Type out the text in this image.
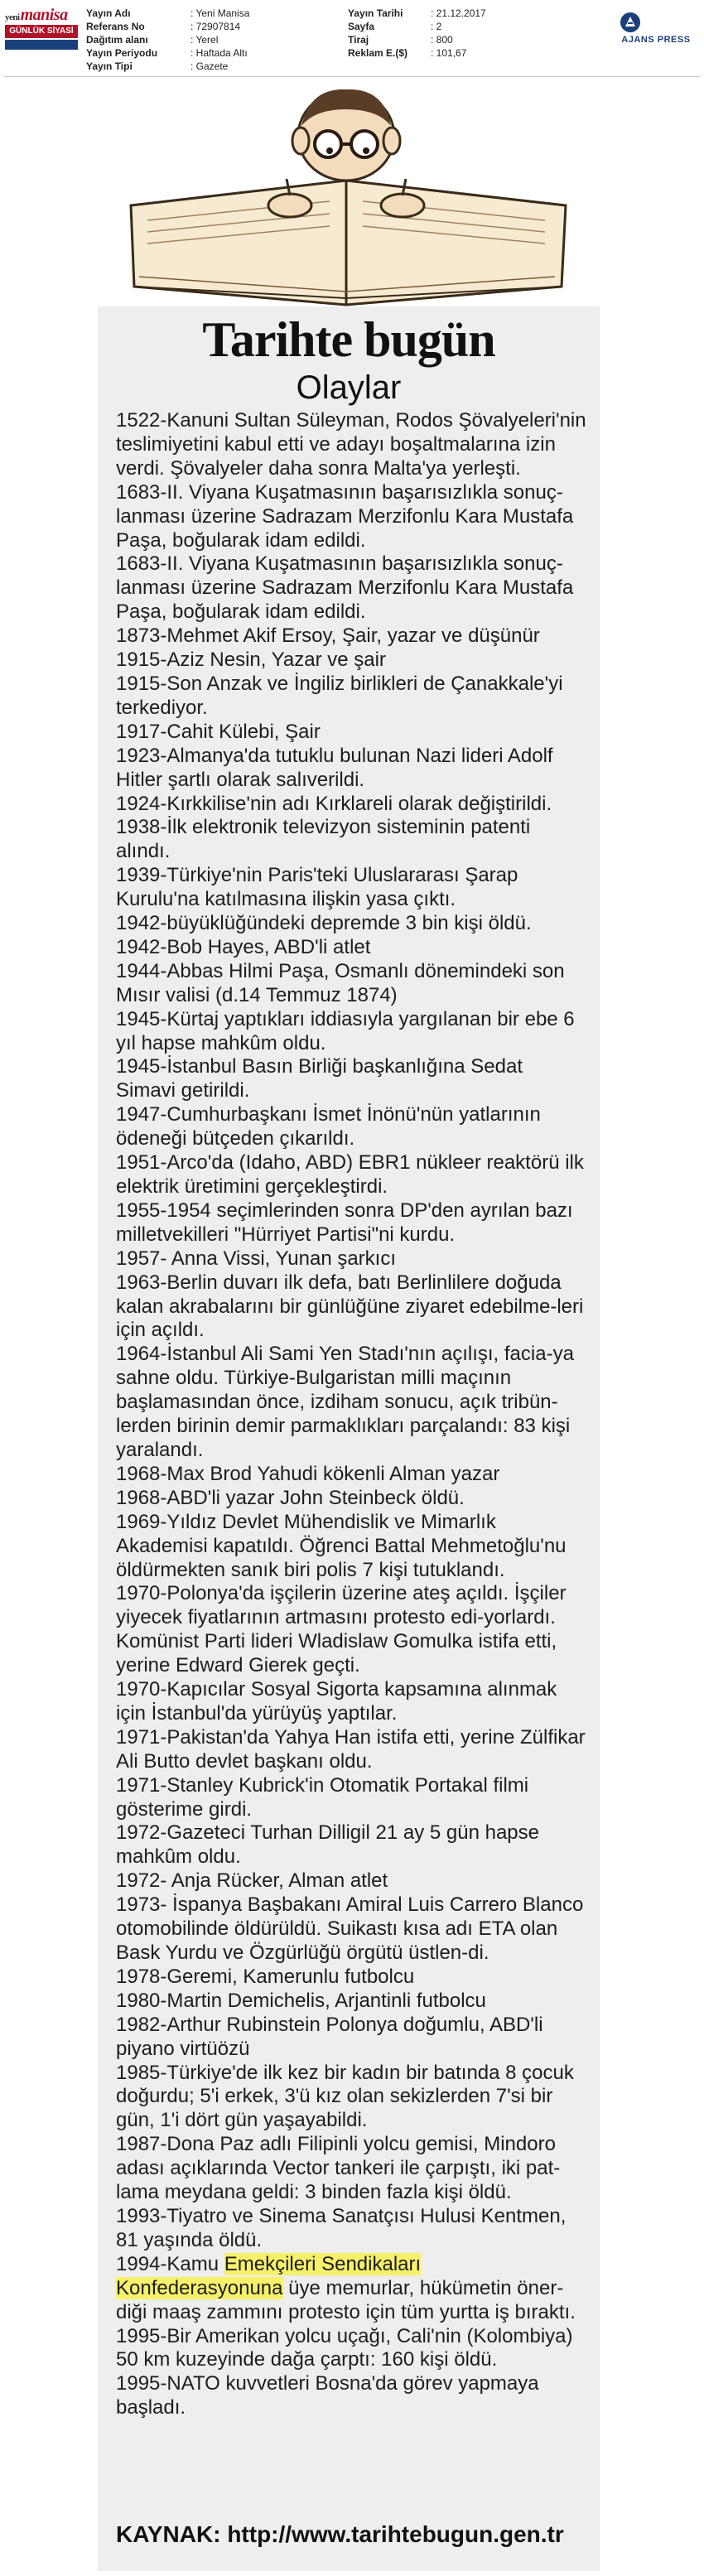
yenimanisa
GÜNLÜK SİYASİ
Yayın Adı	: Yeni Manisa
Referans No	: 72907814
Dağıtım alanı	: Yerel
Yayın Periyodu	: Haftada Altı
Yayın Tipi	: Gazete
Yayın Tarihi	: 21.12.2017
Sayfa	: 2
Tiraj	: 800
Reklam E.($)	: 101,67
AJANS PRESS
Tarihte bugün
Olaylar
1522-Kanuni Sultan Süleyman, Rodos Şövalyeleri'nin teslimiyetini kabul etti ve adayı boşaltmalarına izin verdi. Şövalyeler daha sonra Malta'ya yerleşti.
1683-II. Viyana Kuşatmasının başarısızlıkla sonuç-lanması üzerine Sadrazam Merzifonlu Kara Mustafa Paşa, boğularak idam edildi.
1683-II. Viyana Kuşatmasının başarısızlıkla sonuç-lanması üzerine Sadrazam Merzifonlu Kara Mustafa Paşa, boğularak idam edildi.
1873-Mehmet Akif Ersoy, Şair, yazar ve düşünür
1915-Aziz Nesin, Yazar ve şair
1915-Son Anzak ve İngiliz birlikleri de Çanakkale'yi terkediyor.
1917-Cahit Külebi, Şair
1923-Almanya'da tutuklu bulunan Nazi lideri Adolf Hitler şartlı olarak salıverildi.
1924-Kırkkilise'nin adı Kırklareli olarak değiştirildi.
1938-İlk elektronik televizyon sisteminin patenti alındı.
1939-Türkiye'nin Paris'teki Uluslararası Şarap Kurulu'na katılmasına ilişkin yasa çıktı.
1942-büyüklüğündeki depremde 3 bin kişi öldü.
1942-Bob Hayes, ABD'li atlet
1944-Abbas Hilmi Paşa, Osmanlı dönemindeki son Mısır valisi (d.14 Temmuz 1874)
1945-Kürtaj yaptıkları iddiasıyla yargılanan bir ebe 6 yıl hapse mahkûm oldu.
1945-İstanbul Basın Birliği başkanlığına Sedat Simavi getirildi.
1947-Cumhurbaşkanı İsmet İnönü'nün yatlarının ödeneği bütçeden çıkarıldı.
1951-Arco'da (Idaho, ABD) EBR1 nükleer reaktörü ilk elektrik üretimini gerçekleştirdi.
1955-1954 seçimlerinden sonra DP'den ayrılan bazı milletvekilleri "Hürriyet Partisi"ni kurdu.
1957- Anna Vissi, Yunan şarkıcı
1963-Berlin duvarı ilk defa, batı Berlinlilere doğuda kalan akrabalarını bir günlüğüne ziyaret edebilme-leri için açıldı.
1964-İstanbul Ali Sami Yen Stadı'nın açılışı, facia-ya sahne oldu. Türkiye-Bulgaristan milli maçının başlamasından önce, izdiham sonucu, açık tribün-lerden birinin demir parmaklıkları parçalandı: 83 kişi yaralandı.
1968-Max Brod Yahudi kökenli Alman yazar
1968-ABD'li yazar John Steinbeck öldü.
1969-Yıldız Devlet Mühendislik ve Mimarlık Akademisi kapatıldı. Öğrenci Battal Mehmetoğlu'nu öldürmekten sanık biri polis 7 kişi tutuklandı.
1970-Polonya'da işçilerin üzerine ateş açıldı. İşçiler yiyecek fiyatlarının artmasını protesto edi-yorlardı. Komünist Parti lideri Wladislaw Gomulka istifa etti, yerine Edward Gierek geçti.
1970-Kapıcılar Sosyal Sigorta kapsamına alınmak için İstanbul'da yürüyüş yaptılar.
1971-Pakistan'da Yahya Han istifa etti, yerine Zülfikar Ali Butto devlet başkanı oldu.
1971-Stanley Kubrick'in Otomatik Portakal filmi gösterime girdi.
1972-Gazeteci Turhan Dilligil 21 ay 5 gün hapse mahkûm oldu.
1972- Anja Rücker, Alman atlet
1973- İspanya Başbakanı Amiral Luis Carrero Blanco otomobilinde öldürüldü. Suikastı kısa adı ETA olan Bask Yurdu ve Özgürlüğü örgütü üstlen-di.
1978-Geremi, Kamerunlu futbolcu
1980-Martin Demichelis, Arjantinli futbolcu
1982-Arthur Rubinstein Polonya doğumlu, ABD'li piyano virtüözü
1985-Türkiye'de ilk kez bir kadın bir batında 8 çocuk doğurdu; 5'i erkek, 3'ü kız olan sekizlerden 7'si bir gün, 1'i dört gün yaşayabildi.
1987-Dona Paz adlı Filipinli yolcu gemisi, Mindoro adası açıklarında Vector tankeri ile çarpıştı, iki pat-lama meydana geldi: 3 binden fazla kişi öldü.
1993-Tiyatro ve Sinema Sanatçısı Hulusi Kentmen, 81 yaşında öldü.
1994-Kamu Emekçileri Sendikaları Konfederasyonuna üye memurlar, hükümetin öner-diği maaş zammını protesto için tüm yurtta iş bıraktı.
1995-Bir Amerikan yolcu uçağı, Cali'nin (Kolombiya) 50 km kuzeyinde dağa çarptı: 160 kişi öldü.
1995-NATO kuvvetleri Bosna'da görev yapmaya başladı.
KAYNAK: http://www.tarihtebugun.gen.tr
